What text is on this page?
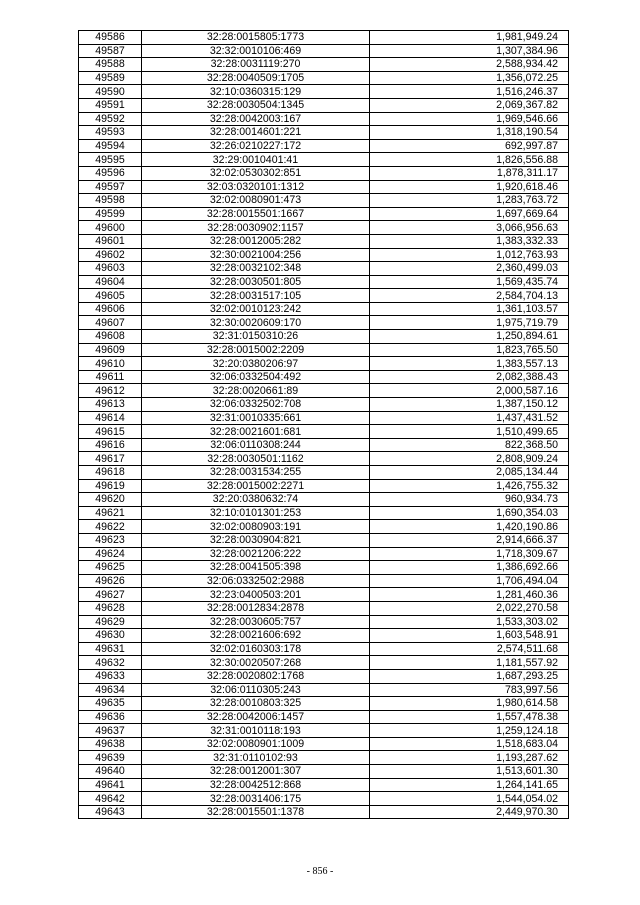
49586	32:28:0015805:1773	1,981,949.24
49587	32:32:0010106:469	1,307,384.96
49588	32:28:0031119:270	2,588,934.42
49589	32:28:0040509:1705	1,356,072.25
49590	32:10:0360315:129	1,516,246.37
49591	32:28:0030504:1345	2,069,367.82
49592	32:28:0042003:167	1,969,546.66
49593	32:28:0014601:221	1,318,190.54
49594	32:26:0210227:172	692,997.87
49595	32:29:0010401:41	1,826,556.88
49596	32:02:0530302:851	1,878,311.17
49597	32:03:0320101:1312	1,920,618.46
49598	32:02:0080901:473	1,283,763.72
49599	32:28:0015501:1667	1,697,669.64
49600	32:28:0030902:1157	3,066,956.63
49601	32:28:0012005:282	1,383,332.33
49602	32:30:0021004:256	1,012,763.93
49603	32:28:0032102:348	2,360,499.03
49604	32:28:0030501:805	1,569,435.74
49605	32:28:0031517:105	2,584,704.13
49606	32:02:0010123:242	1,361,103.57
49607	32:30:0020609:170	1,975,719.79
49608	32:31:0150310:26	1,250,894.61
49609	32:28:0015002:2209	1,823,765.50
49610	32:20:0380206:97	1,383,557.13
49611	32:06:0332504:492	2,082,388.43
49612	32:28:0020661:89	2,000,587.16
49613	32:06:0332502:708	1,387,150.12
49614	32:31:0010335:661	1,437,431.52
49615	32:28:0021601:681	1,510,499.65
49616	32:06:0110308:244	822,368.50
49617	32:28:0030501:1162	2,808,909.24
49618	32:28:0031534:255	2,085,134.44
49619	32:28:0015002:2271	1,426,755.32
49620	32:20:0380632:74	960,934.73
49621	32:10:0101301:253	1,690,354.03
49622	32:02:0080903:191	1,420,190.86
49623	32:28:0030904:821	2,914,666.37
49624	32:28:0021206:222	1,718,309.67
49625	32:28:0041505:398	1,386,692.66
49626	32:06:0332502:2988	1,706,494.04
49627	32:23:0400503:201	1,281,460.36
49628	32:28:0012834:2878	2,022,270.58
49629	32:28:0030605:757	1,533,303.02
49630	32:28:0021606:692	1,603,548.91
49631	32:02:0160303:178	2,574,511.68
49632	32:30:0020507:268	1,181,557.92
49633	32:28:0020802:1768	1,687,293.25
49634	32:06:0110305:243	783,997.56
49635	32:28:0010803:325	1,980,614.58
49636	32:28:0042006:1457	1,557,478.38
49637	32:31:0010118:193	1,259,124.18
49638	32:02:0080901:1009	1,518,683.04
49639	32:31:0110102:93	1,193,287.62
49640	32:28:0012001:307	1,513,601.30
49641	32:28:0042512:868	1,264,141.65
49642	32:28:0031406:175	1,544,054.02
49643	32:28:0015501:1378	2,449,970.30
- 856 -
